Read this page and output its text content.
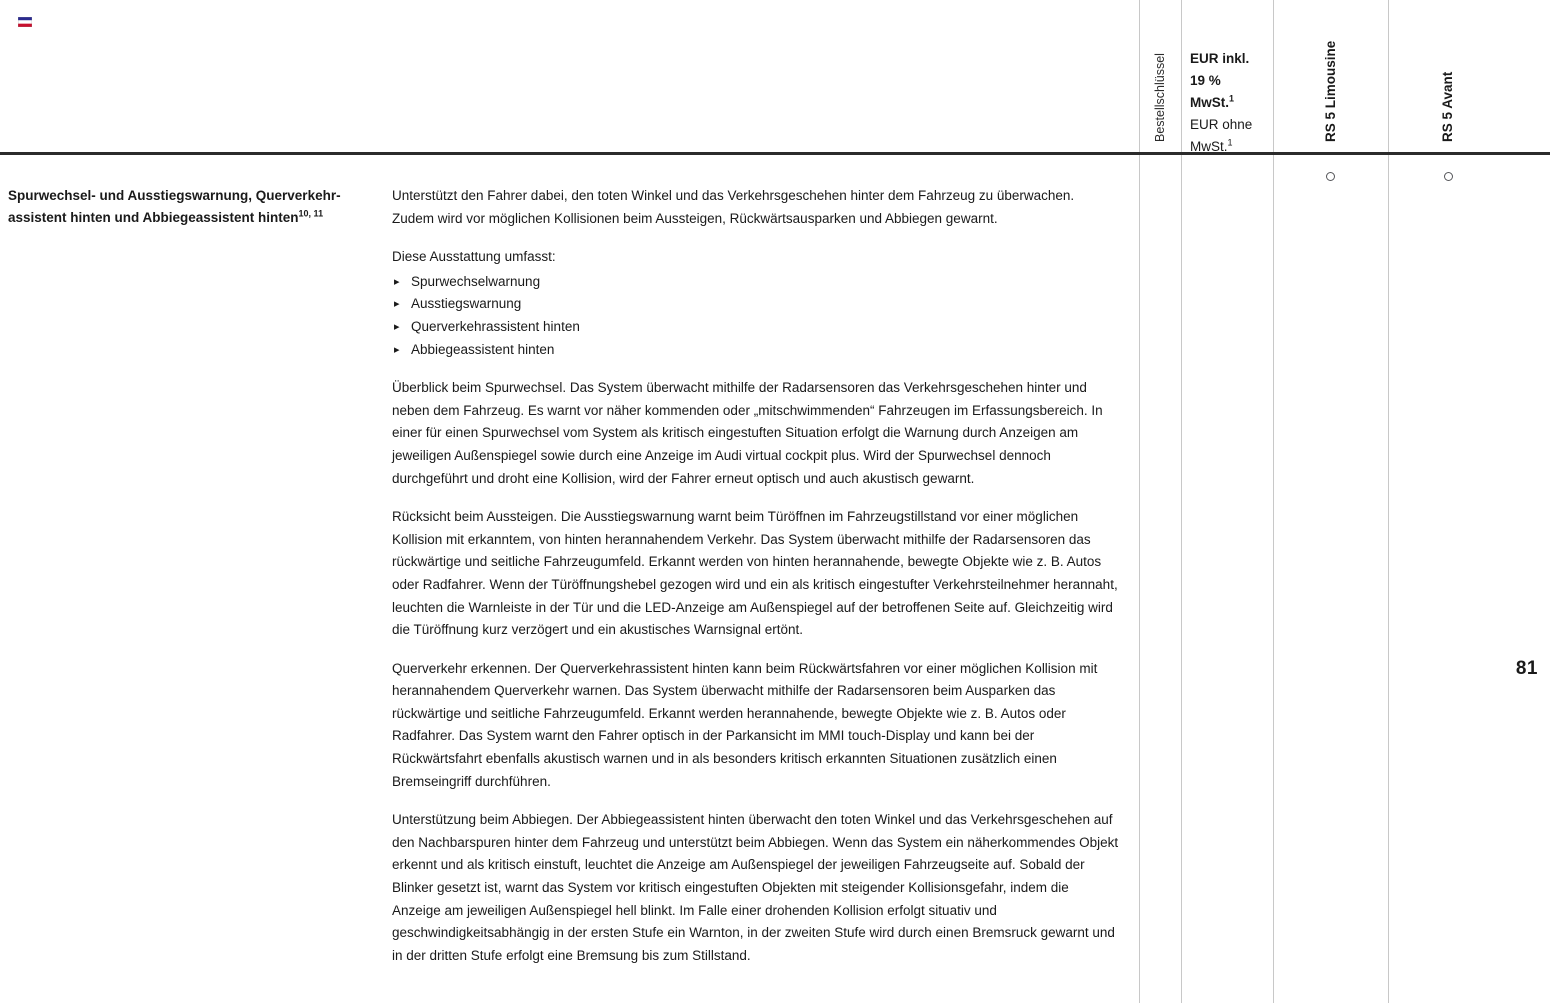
Bestellschlüssel EUR inkl. 19 % MwSt.$^1$
EUR ohne MwSt.$^1$
RS 5 Limousine	RS 5 Avant
Spurwechsel- und Ausstiegswarnung, Querverkehrassistent hinten und Abbiegeassistent hinten$^{10, 11}$

Unterstützt den Fahrer dabei, den toten Winkel und das Verkehrsgeschehen hinter dem Fahrzeug zu überwachen. Zudem wird vor möglichen Kollisionen beim Aussteigen, Rückwärtsausparken und Abbiegen gewarnt.

Diese Ausstattung umfasst:

▸ Spurwechselwarnung
▸ Ausstiegswarnung
▸ Querverkehrassistent hinten
▸ Abbiegeassistent hinten

Überblick beim Spurwechsel. Das System überwacht mithilfe der Radarsensoren das Verkehrsgeschehen hinter und neben dem Fahrzeug. Es warnt vor näher kommenden oder „mitschwimmenden“ Fahrzeugen im Erfassungsbereich. In einer für einen Spurwechsel vom System als kritisch eingestuften Situation erfolgt die Warnung durch Anzeigen am jeweiligen Außenspiegel sowie durch eine Anzeige im Audi virtual cockpit plus. Wird der Spurwechsel dennoch durchgeführt und droht eine Kollision, wird der Fahrer erneut optisch und auch akustisch gewarnt.

Rücksicht beim Aussteigen. Die Ausstiegswarnung warnt beim Türöffnen im Fahrzeugstillstand vor einer möglichen Kollision mit erkanntem, von hinten herannahendem Verkehr. Das System überwacht mithilfe der Radarsensoren das rückwärtige und seitliche Fahrzeugumfeld. Erkannt werden von hinten herannahende, bewegte Objekte wie z. B. Autos oder Radfahrer. Wenn der Türöffnungshebel gezogen wird und ein als kritisch eingestufter Verkehrsteilnehmer herannaht, leuchten die Warnleiste in der Tür und die LED-Anzeige am Außenspiegel auf der betroffenen Seite auf. Gleichzeitig wird die Türöffnung kurz verzögert und ein akustisches Warnsignal ertönt.

Querverkehr erkennen. Der Querverkehrassistent hinten kann beim Rückwärtsfahren vor einer möglichen Kollision mit herannahendem Querverkehr warnen. Das System überwacht mithilfe der Radarsensoren beim Ausparken das rückwärtige und seitliche Fahrzeugumfeld. Erkannt werden herannahende, bewegte Objekte wie z. B. Autos oder Radfahrer. Das System warnt den Fahrer optisch in der Parkansicht im MMI touch-Display und kann bei der Rückwärtsfahrt ebenfalls akustisch warnen und in als besonders kritisch erkannten Situationen zusätzlich einen Bremseingriff durchführen.

Unterstützung beim Abbiegen. Der Abbiegeassistent hinten überwacht den toten Winkel und das Verkehrsgeschehen auf den Nachbarspuren hinter dem Fahrzeug und unterstützt beim Abbiegen. Wenn das System ein näherkommendes Objekt erkennt und als kritisch einstuft, leuchtet die Anzeige am Außenspiegel der jeweiligen Fahrzeugseite auf. Sobald der Blinker gesetzt ist, warnt das System vor kritisch eingestuften Objekten mit steigender Kollisionsgefahr, indem die Anzeige am jeweiligen Außenspiegel hell blinkt. Im Falle einer drohenden Kollision erfolgt situativ und geschwindigkeitsabhängig in der ersten Stufe ein Warnton, in der zweiten Stufe wird durch einen Bremsruck gewarnt und in der dritten Stufe erfolgt eine Bremsung bis zum Stillstand.

81
